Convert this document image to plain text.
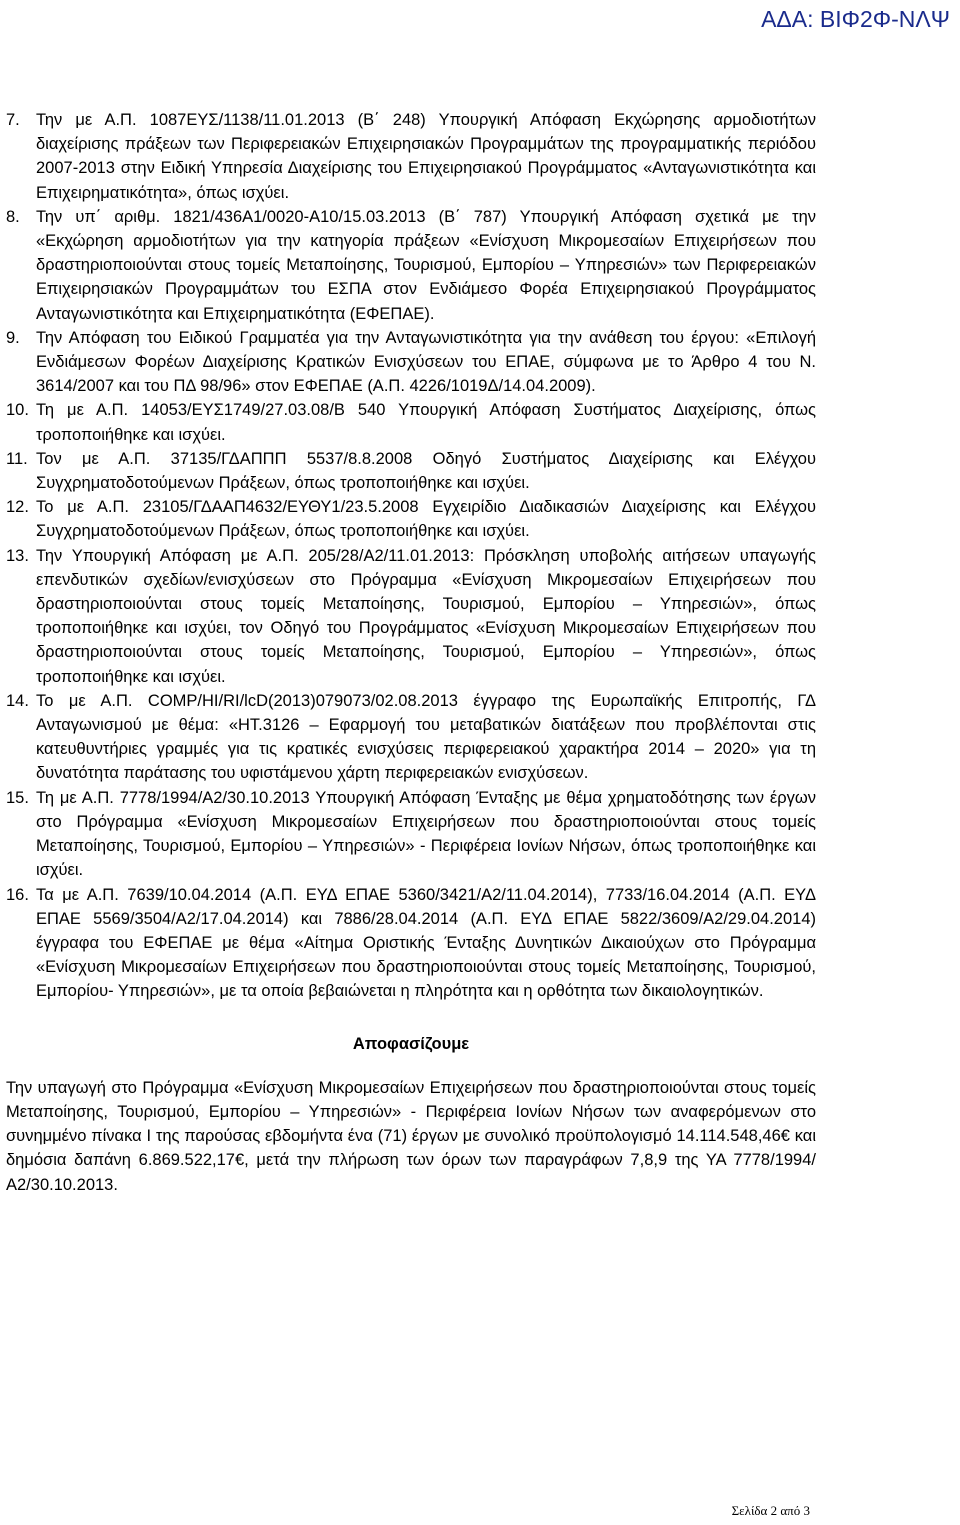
ΑΔΑ: ΒΙΦ2Φ-ΝΛΨ

7. Την με Α.Π. 1087ΕΥΣ/1138/11.01.2013 (Β΄ 248) Υπουργική Απόφαση Εκχώρησης αρμοδιοτήτων διαχείρισης πράξεων των Περιφερειακών Επιχειρησιακών Προγραμμάτων της προγραμματικής περιόδου 2007-2013 στην Ειδική Υπηρεσία Διαχείρισης του Επιχειρησιακού Προγράμματος «Ανταγωνιστικότητα και Επιχειρηματικότητα», όπως ισχύει.

8. Την υπ΄ αριθμ. 1821/436Α1/0020-Α10/15.03.2013 (Β΄ 787) Υπουργική Απόφαση σχετικά με την «Εκχώρηση αρμοδιοτήτων για την κατηγορία πράξεων «Ενίσχυση Μικρομεσαίων Επιχειρήσεων που δραστηριοποιούνται στους τομείς Μεταποίησης, Τουρισμού, Εμπορίου – Υπηρεσιών» των Περιφερειακών Επιχειρησιακών Προγραμμάτων του ΕΣΠΑ στον Ενδιάμεσο Φορέα Επιχειρησιακού Προγράμματος Ανταγωνιστικότητα και Επιχειρηματικότητα (ΕΦΕΠΑΕ).

9. Την Απόφαση του Ειδικού Γραμματέα για την Ανταγωνιστικότητα για την ανάθεση του έργου: «Επιλογή Ενδιάμεσων Φορέων Διαχείρισης Κρατικών Ενισχύσεων του ΕΠΑΕ, σύμφωνα με το Άρθρο 4 του Ν. 3614/2007 και του ΠΔ 98/96» στον ΕΦΕΠΑΕ (Α.Π. 4226/1019Δ/14.04.2009).

10. Τη με Α.Π. 14053/ΕΥΣ1749/27.03.08/Β 540 Υπουργική Απόφαση Συστήματος Διαχείρισης, όπως τροποποιήθηκε και ισχύει.

11. Τον με Α.Π. 37135/ΓΔΑΠΠΠ 5537/8.8.2008 Οδηγό Συστήματος Διαχείρισης και Ελέγχου Συγχρηματοδοτούμενων Πράξεων, όπως τροποποιήθηκε και ισχύει.

12. Το με Α.Π. 23105/ΓΔΑΑΠ4632/ΕΥΘΥ1/23.5.2008 Εγχειρίδιο Διαδικασιών Διαχείρισης και Ελέγχου Συγχρηματοδοτούμενων Πράξεων, όπως τροποποιήθηκε και ισχύει.

13. Την Υπουργική Απόφαση με Α.Π. 205/28/Α2/11.01.2013: Πρόσκληση υποβολής αιτήσεων υπαγωγής επενδυτικών σχεδίων/ενισχύσεων στο Πρόγραμμα «Ενίσχυση Μικρομεσαίων Επιχειρήσεων που δραστηριοποιούνται στους τομείς Μεταποίησης, Τουρισμού, Εμπορίου – Υπηρεσιών», όπως τροποποιήθηκε και ισχύει, τον Οδηγό του Προγράμματος «Ενίσχυση Μικρομεσαίων Επιχειρήσεων που δραστηριοποιούνται στους τομείς Μεταποίησης, Τουρισμού, Εμπορίου – Υπηρεσιών», όπως τροποποιήθηκε και ισχύει.

14. Το με Α.Π. COMP/HI/RI/lcD(2013)079073/02.08.2013 έγγραφο της Ευρωπαϊκής Επιτροπής, ΓΔ Ανταγωνισμού με θέμα: «HT.3126 – Εφαρμογή του μεταβατικών διατάξεων που προβλέπονται στις κατευθυντήριες γραμμές για τις κρατικές ενισχύσεις περιφερειακού χαρακτήρα 2014 – 2020» για τη δυνατότητα παράτασης του υφιστάμενου χάρτη περιφερειακών ενισχύσεων.

15. Τη με Α.Π. 7778/1994/Α2/30.10.2013 Υπουργική Απόφαση Ένταξης με θέμα χρηματοδότησης των έργων στο Πρόγραμμα «Ενίσχυση Μικρομεσαίων Επιχειρήσεων που δραστηριοποιούνται στους τομείς Μεταποίησης, Τουρισμού, Εμπορίου – Υπηρεσιών» - Περιφέρεια Ιονίων Νήσων, όπως τροποποιήθηκε και ισχύει.

16. Τα με Α.Π. 7639/10.04.2014 (Α.Π. ΕΥΔ ΕΠΑΕ 5360/3421/Α2/11.04.2014), 7733/16.04.2014 (Α.Π. ΕΥΔ ΕΠΑΕ 5569/3504/Α2/17.04.2014) και 7886/28.04.2014 (Α.Π. ΕΥΔ ΕΠΑΕ 5822/3609/Α2/29.04.2014) έγγραφα του ΕΦΕΠΑΕ με θέμα «Αίτημα Οριστικής Ένταξης Δυνητικών Δικαιούχων στο Πρόγραμμα «Ενίσχυση Μικρομεσαίων Επιχειρήσεων που δραστηριοποιούνται στους τομείς Μεταποίησης, Τουρισμού, Εμπορίου- Υπηρεσιών», με τα οποία βεβαιώνεται η πληρότητα και η ορθότητα των δικαιολογητικών.

Αποφασίζουμε

Την υπαγωγή στο Πρόγραμμα «Ενίσχυση Μικρομεσαίων Επιχειρήσεων που δραστηριοποιούνται στους τομείς Μεταποίησης, Τουρισμού, Εμπορίου – Υπηρεσιών» - Περιφέρεια Ιονίων Νήσων των αναφερόμενων στο συνημμένο πίνακα Ι της παρούσας εβδομήντα ένα (71) έργων με συνολικό προϋπολογισμό 14.114.548,46€ και δημόσια δαπάνη 6.869.522,17€, μετά την πλήρωση των όρων των παραγράφων 7,8,9 της ΥΑ 7778/1994/Α2/30.10.2013.

Σελίδα 2 από 3
